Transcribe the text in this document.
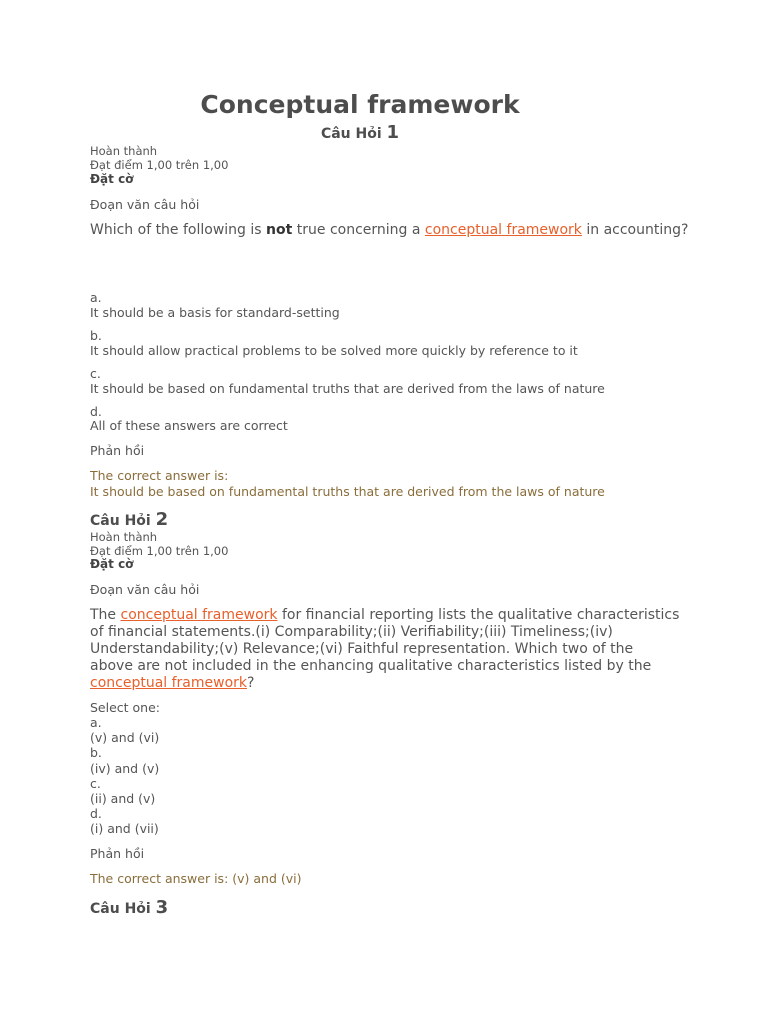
Conceptual framework
Câu Hỏi 1
Hoàn thành
Đạt điểm 1,00 trên 1,00
Đặt cờ
Đoạn văn câu hỏi
Which of the following is not true concerning a conceptual framework in accounting?
a.
It should be a basis for standard-setting
b.
It should allow practical problems to be solved more quickly by reference to it
c.
It should be based on fundamental truths that are derived from the laws of nature
d.
All of these answers are correct
Phản hồi
The correct answer is:
It should be based on fundamental truths that are derived from the laws of nature
Câu Hỏi 2
Hoàn thành
Đạt điểm 1,00 trên 1,00
Đặt cờ
Đoạn văn câu hỏi
The conceptual framework for financial reporting lists the qualitative characteristics of financial statements.(i) Comparability;(ii) Verifiability;(iii) Timeliness;(iv) Understandability;(v) Relevance;(vi) Faithful representation. Which two of the above are not included in the enhancing qualitative characteristics listed by the conceptual framework?
Select one:
a.
(v) and (vi)
b.
(iv) and (v)
c.
(ii) and (v)
d.
(i) and (vii)
Phản hồi
The correct answer is: (v) and (vi)
Câu Hỏi 3
